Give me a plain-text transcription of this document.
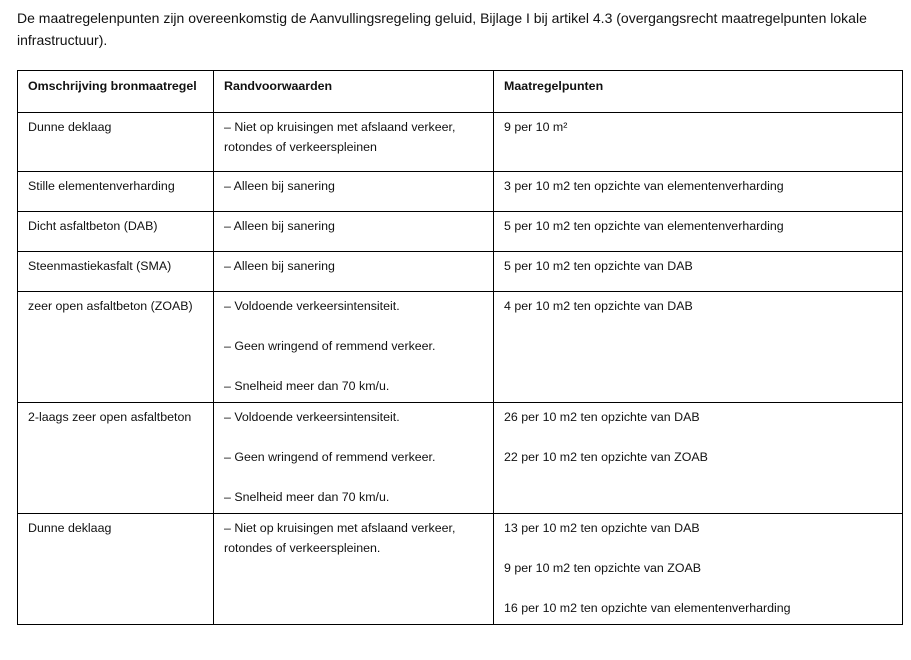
De maatregelenpunten zijn overeenkomstig de Aanvullingsregeling geluid, Bijlage I bij artikel 4.3 (overgangsrecht maatregelpunten lokale infrastructuur).

Omschrijving bronmaatregel	Randvoorwaarden	Maatregelpunten
Dunne deklaag	– Niet op kruisingen met afslaand verkeer, rotondes of verkeerspleinen	9 per 10 m²

Stille elementenverharding	– Alleen bij sanering	3 per 10 m2 ten opzichte van elementenverharding

Dicht asfaltbeton (DAB)	– Alleen bij sanering	5 per 10 m2 ten opzichte van elementenverharding

Steenmastiekasfalt (SMA)	– Alleen bij sanering	5 per 10 m2 ten opzichte van DAB

zeer open asfaltbeton (ZOAB)	– Voldoende verkeersintensiteit.
– Geen wringend of remmend verkeer.
– Snelheid meer dan 70 km/u.	4 per 10 m2 ten opzichte van DAB

2-laags zeer open asfaltbeton	– Voldoende verkeersintensiteit.
– Geen wringend of remmend verkeer.
– Snelheid meer dan 70 km/u.	26 per 10 m2 ten opzichte van DAB
22 per 10 m2 ten opzichte van ZOAB

Dunne deklaag	– Niet op kruisingen met afslaand verkeer, rotondes of verkeerspleinen.	13 per 10 m2 ten opzichte van DAB
9 per 10 m2 ten opzichte van ZOAB
16 per 10 m2 ten opzichte van elementenverharding
